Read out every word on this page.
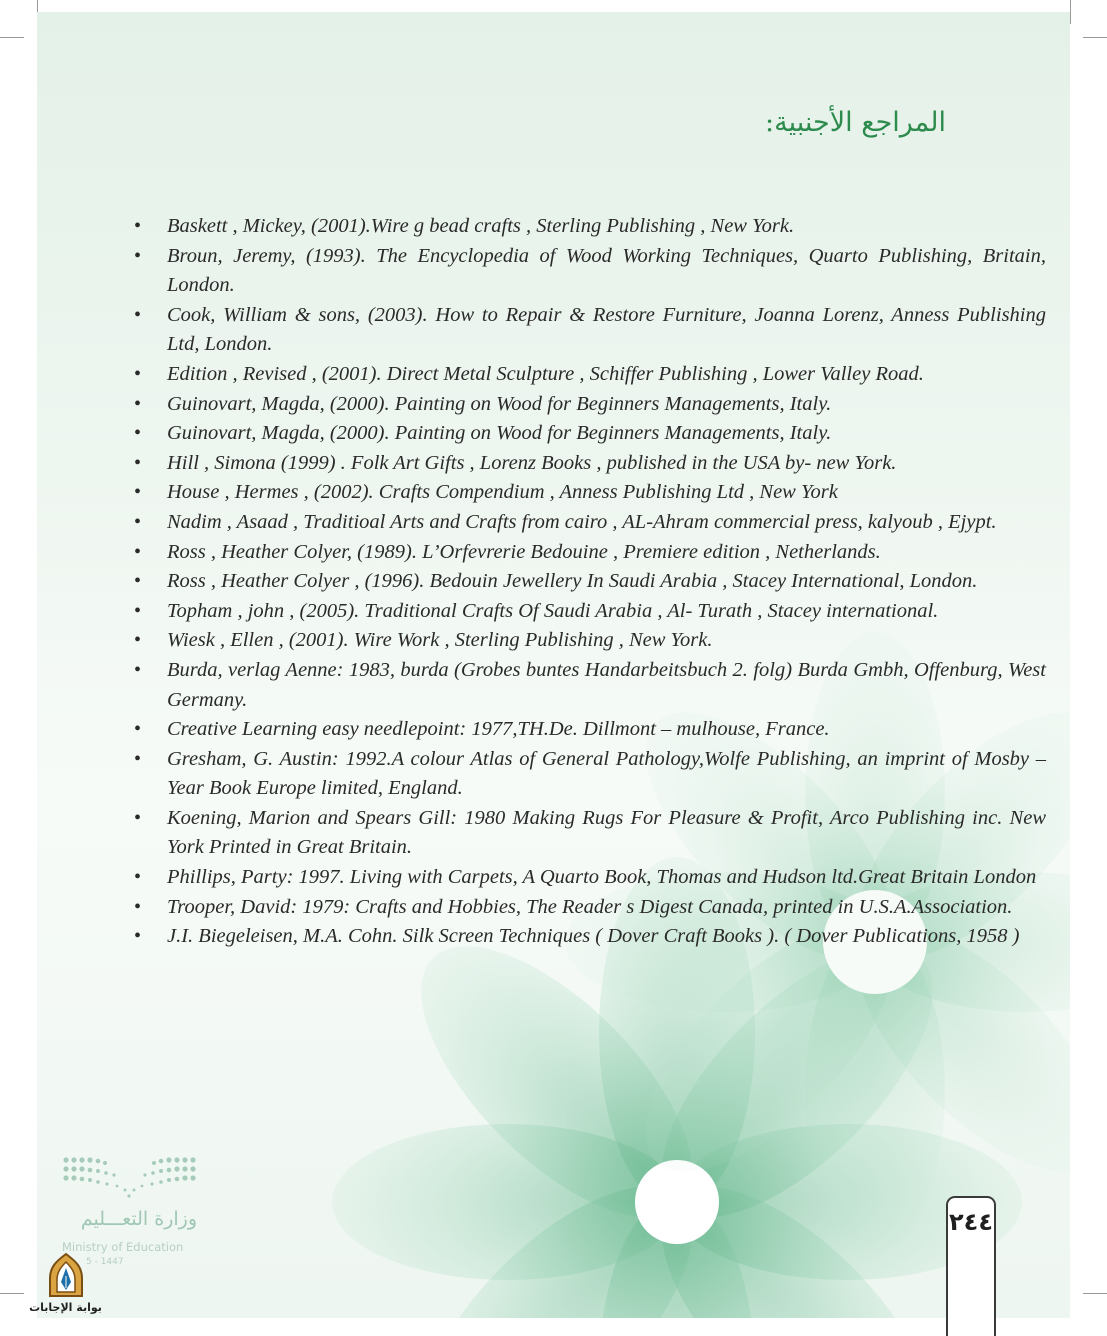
المراجع الأجنبية:
• Baskett , Mickey, (2001).Wire g bead crafts , Sterling Publishing , New York.
• Broun, Jeremy, (1993). The Encyclopedia of Wood Working Techniques, Quarto Publishing, Britain, London.
• Cook, William & sons, (2003). How to Repair & Restore Furniture, Joanna Lorenz, Anness Publishing Ltd, London.
• Edition , Revised , (2001). Direct Metal Sculpture , Schiffer Publishing , Lower Valley Road.
• Guinovart, Magda, (2000). Painting on Wood for Beginners Managements, Italy.
• Guinovart, Magda, (2000). Painting on Wood for Beginners Managements, Italy.
• Hill , Simona (1999) . Folk Art Gifts , Lorenz Books , published in the USA by- new York.
• House , Hermes , (2002). Crafts Compendium , Anness Publishing Ltd , New York
• Nadim , Asaad , Traditioal Arts and Crafts from cairo , AL-Ahram commercial press, kalyoub , Ejypt.
• Ross , Heather Colyer, (1989). L’Orfevrerie Bedouine , Premiere edition , Netherlands.
• Ross , Heather Colyer , (1996). Bedouin Jewellery In Saudi Arabia , Stacey International, London.
• Topham , john , (2005). Traditional Crafts Of Saudi Arabia , Al- Turath , Stacey international.
• Wiesk , Ellen , (2001). Wire Work , Sterling Publishing , New York.
• Burda, verlag Aenne: 1983, burda (Grobes buntes Handarbeitsbuch 2. folg) Burda Gmbh, Offenburg, West Germany.
• Creative Learning easy needlepoint: 1977,TH.De. Dillmont – mulhouse, France.
• Gresham, G. Austin: 1992.A colour Atlas of General Pathology,Wolfe Publishing, an imprint of Mosby – Year Book Europe limited, England.
• Koening, Marion and Spears Gill: 1980 Making Rugs For Pleasure & Profit, Arco Publishing inc. New York Printed in Great Britain.
• Phillips, Party: 1997. Living with Carpets, A Quarto Book, Thomas and Hudson ltd.Great Britain London
• Trooper, David: 1979: Crafts and Hobbies, The Reader s Digest Canada, printed in U.S.A.Association.
• J.I. Biegeleisen, M.A. Cohn. Silk Screen Techniques ( Dover Craft Books ). ( Dover Publications, 1958 )
وزارة التعـــليم
Ministry of Education
5 - 1447
بوابة الإجابات
٢٤٤
